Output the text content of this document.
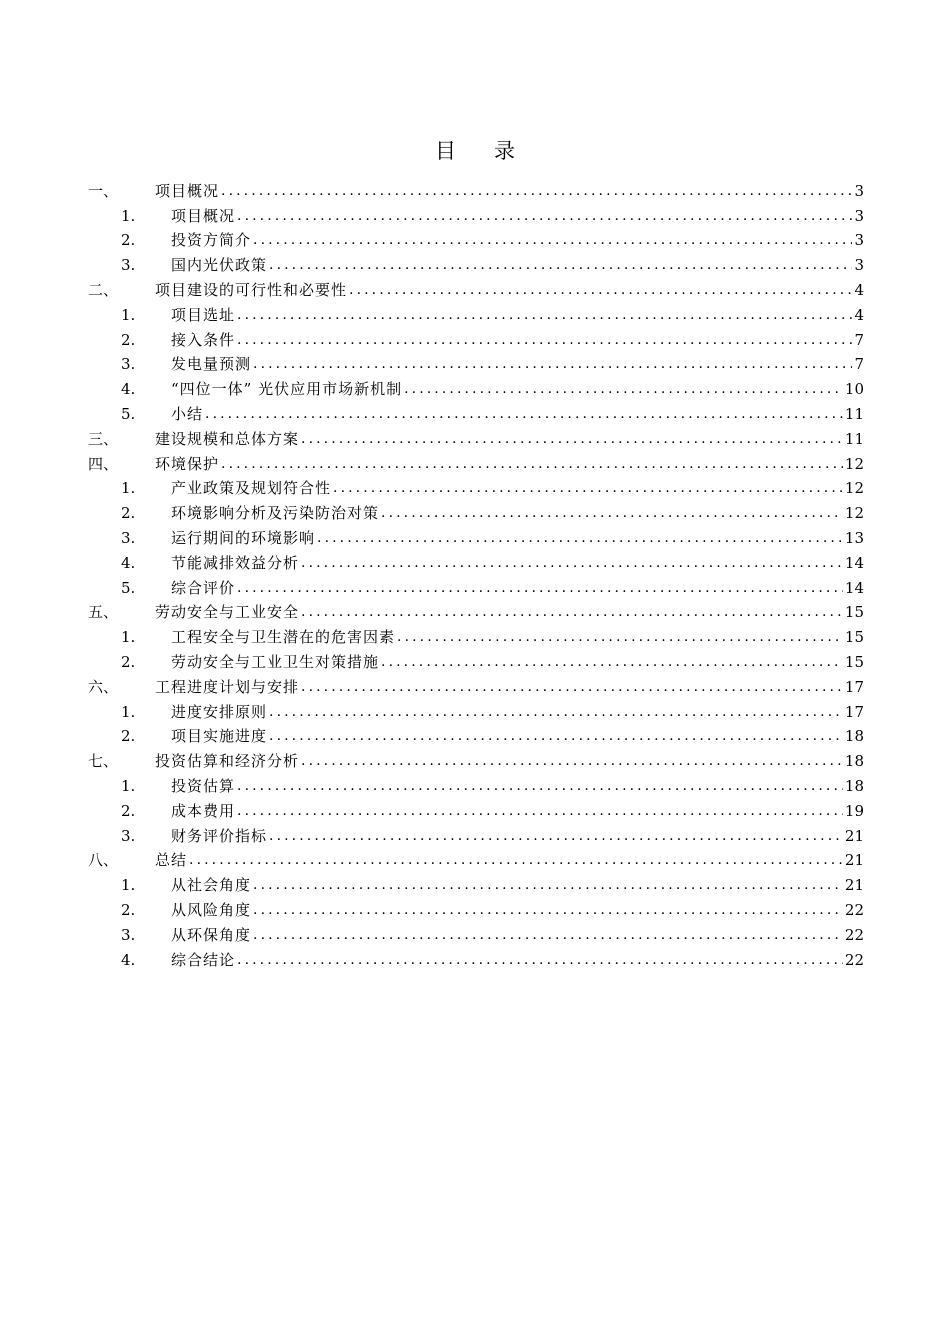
目 录
一、	项目概况 .....	3
1.	项目概况 .....	3
2.	投资方简介 .....	3
3.	国内光伏政策 .....	3
二、	项目建设的可行性和必要性 .....	4
1.	项目选址 .....	4
2.	接入条件 .....	7
3.	发电量预测 .....	7
4.	“四位一体” 光伏应用市场新机制 .....	10
5.	小结 .....	11
三、	建设规模和总体方案 .....	11
四、	环境保护 .....	12
1.	产业政策及规划符合性 .....	12
2.	环境影响分析及污染防治对策 .....	12
3.	运行期间的环境影响 .....	13
4.	节能减排效益分析 .....	14
5.	综合评价 .....	14
五、	劳动安全与工业安全 .....	15
1.	工程安全与卫生潜在的危害因素 .....	15
2.	劳动安全与工业卫生对策措施 .....	15
六、	工程进度计划与安排 .....	17
1.	进度安排原则 .....	17
2.	项目实施进度 .....	18
七、	投资估算和经济分析 .....	18
1.	投资估算 .....	18
2.	成本费用 .....	19
3.	财务评价指标 .....	21
八、	总结 .....	21
1.	从社会角度 .....	21
2.	从风险角度 .....	22
3.	从环保角度 .....	22
4.	综合结论 .....	22
